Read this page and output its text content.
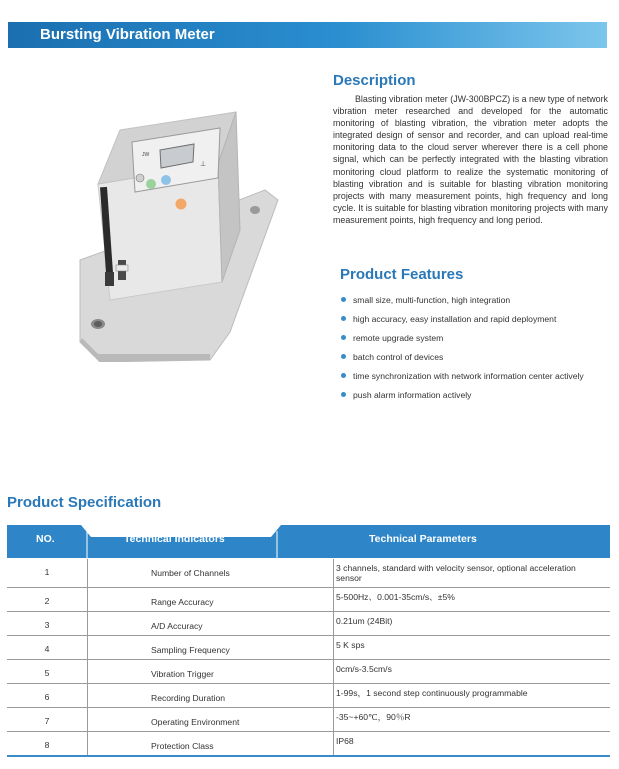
Bursting Vibration Meter
JW
⊥
Description
Blasting vibration meter (JW-300BPCZ) is a new type of network vibration meter researched and developed for the automatic monitoring of blasting vibration, the vibration meter adopts the integrated design of sensor and recorder, and can upload real-time monitoring data to the cloud server wherever there is a cell phone signal, which can be perfectly integrated with the blasting vibration monitoring cloud platform to realize the systematic monitoring of blasting vibration and is suitable for blasting vibration monitoring projects with many measurement points, high frequency and long cycle. It is suitable for blasting vibration monitoring projects with many measurement points, high frequency and long period.
Product Features
small size, multi-function, high integration
high accuracy, easy installation and rapid deployment
remote upgrade system
batch control of devices
time synchronization with network information center actively
push alarm information actively
Product Specification
NO.	Technical Indicators	Technical Parameters
1	Number of Channels	3 channels, standard with velocity sensor, optional acceleration sensor
2	Range Accuracy	5-500Hz、0.001-35cm/s、±5%
3	A/D Accuracy	0.21um (24Bit)
4	Sampling Frequency	5 K sps
5	Vibration Trigger	0cm/s-3.5cm/s
6	Recording Duration	1-99s，1 second step continuously programmable
7	Operating Environment	-35~+60℃，90％R
8	Protection Class	IP68
